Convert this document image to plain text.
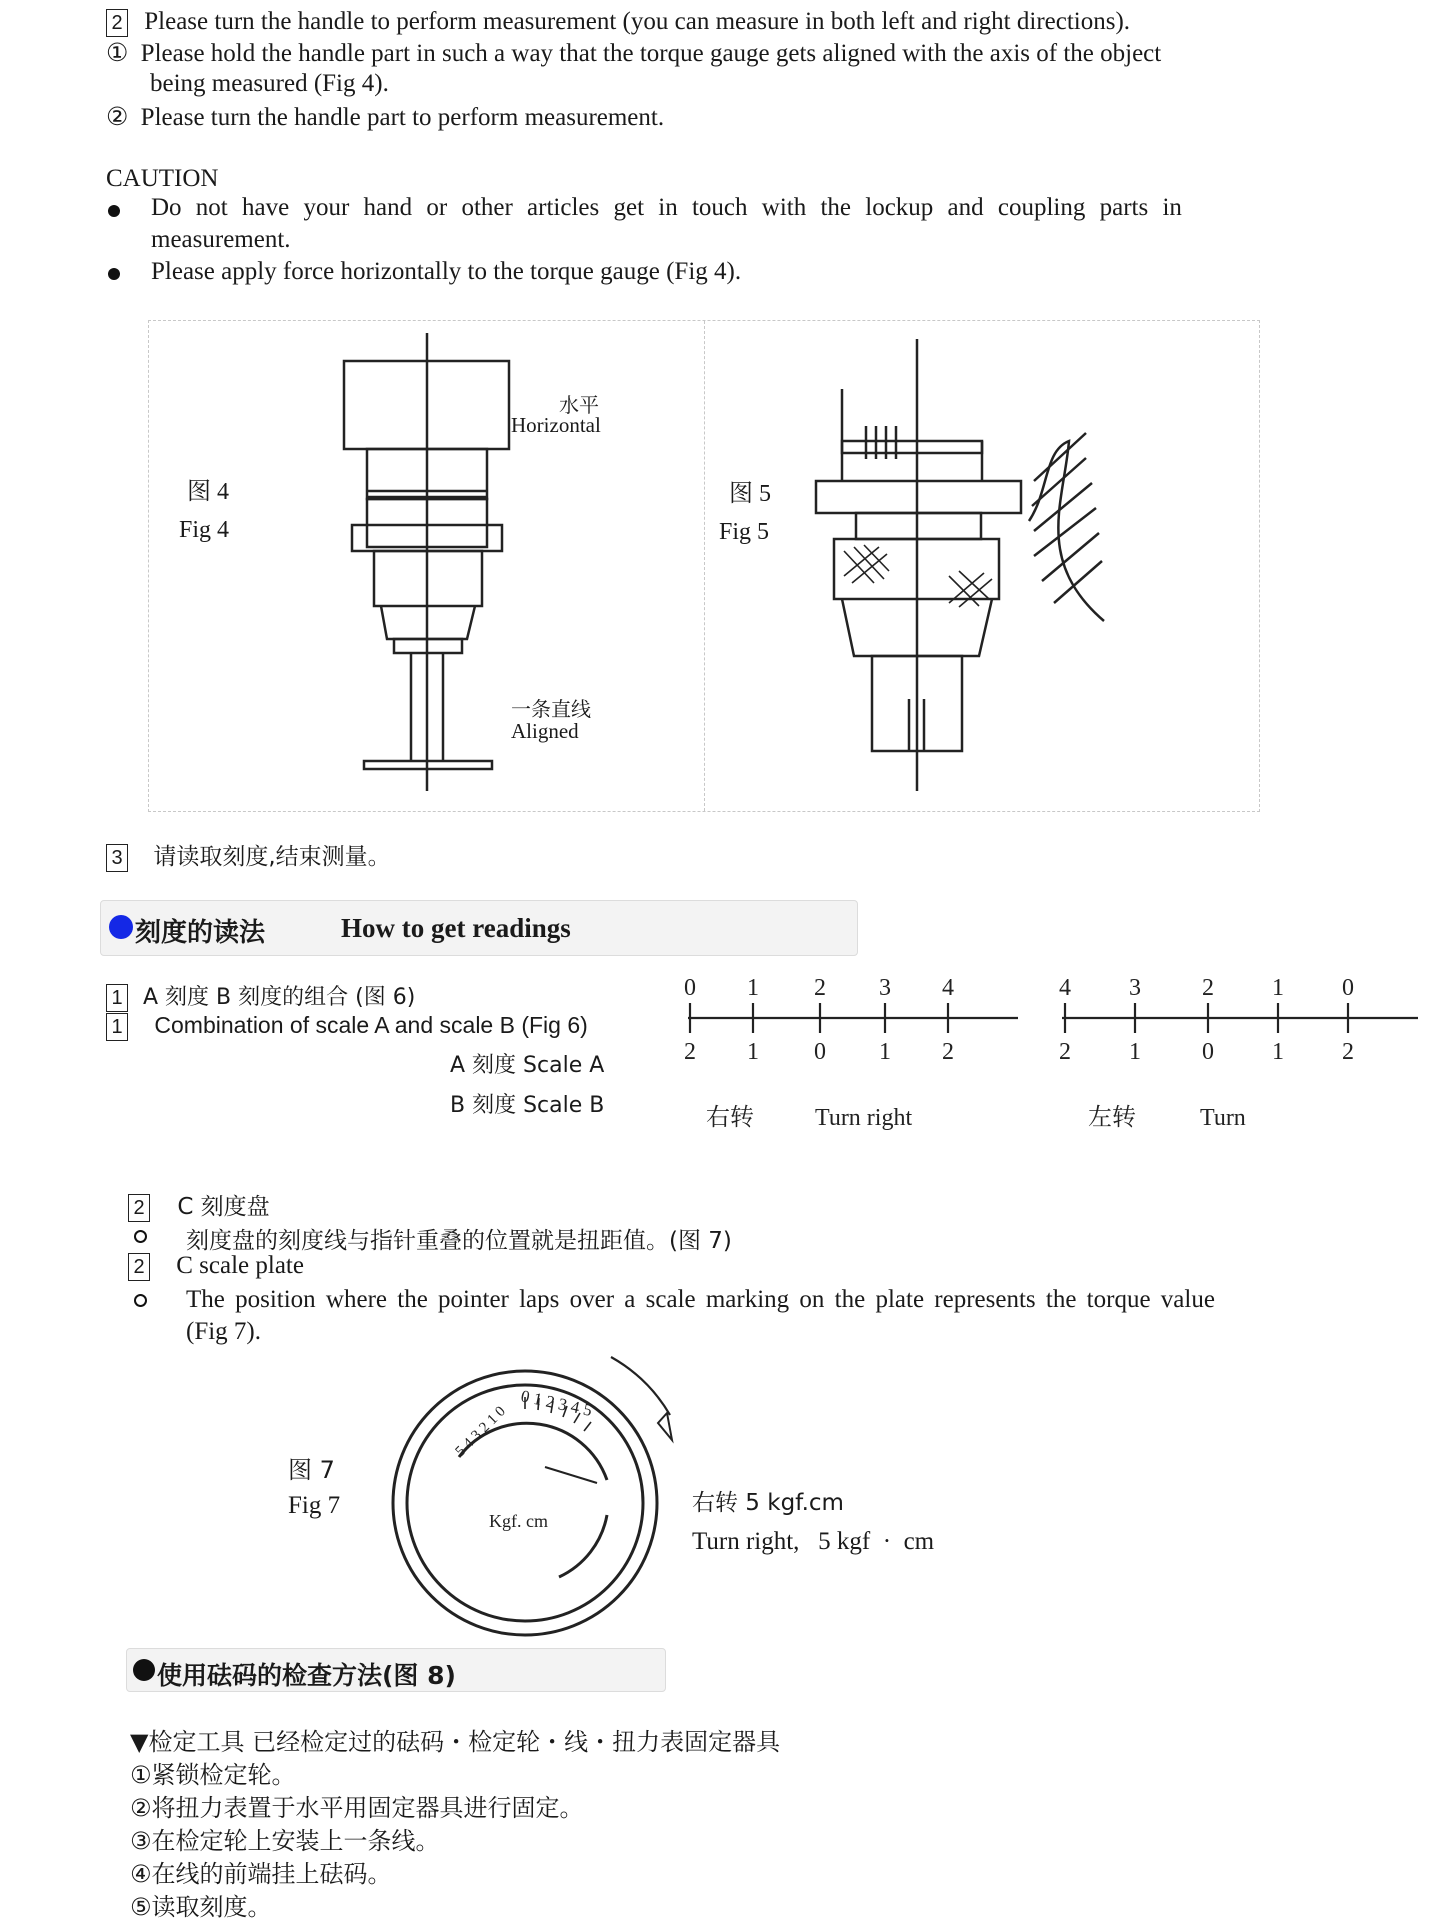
2 Please turn the handle to perform measurement (you can measure in both left and right directions).
① Please hold the handle part in such a way that the torque gauge gets aligned with the axis of the object
being measured (Fig 4).
② Please turn the handle part to perform measurement.
CAUTION
Do not have your hand or other articles get in touch with the lockup and coupling parts in
measurement.
Please apply force horizontally to the torque gauge (Fig 4).
图 4
Fig 4
水平
Horizontal
一条直线
Aligned
图 5
Fig 5
3 请读取刻度,结束测量。
刻度的读法	How to get readings
1 A 刻度 B 刻度的组合 (图 6)
1 Combination of scale A and scale B (Fig 6)
A 刻度 Scale A
B 刻度 Scale B
0 1 2 3 4
2 1 0 1 2
4 3	2 1 0
2 1	0 1 2
右转	Turn right	左转	Turn
2 C 刻度盘
刻度盘的刻度线与指针重叠的位置就是扭距值。(图 7)
2 C scale plate
The position where the pointer laps over a scale marking on the plate represents the torque value
(Fig 7).
图 7
Fig 7
0 1 2 3 4 5
5 4 3 2 1 0
Kgf. cm
右转 5 kgf.cm
Turn right,   5 kgf  ·  cm
使用砝码的检查方法(图 8)
▼检定工具 已经检定过的砝码・检定轮・线・扭力表固定器具
①紧锁检定轮。
②将扭力表置于水平用固定器具进行固定。
③在检定轮上安装上一条线。
④在线的前端挂上砝码。
⑤读取刻度。
